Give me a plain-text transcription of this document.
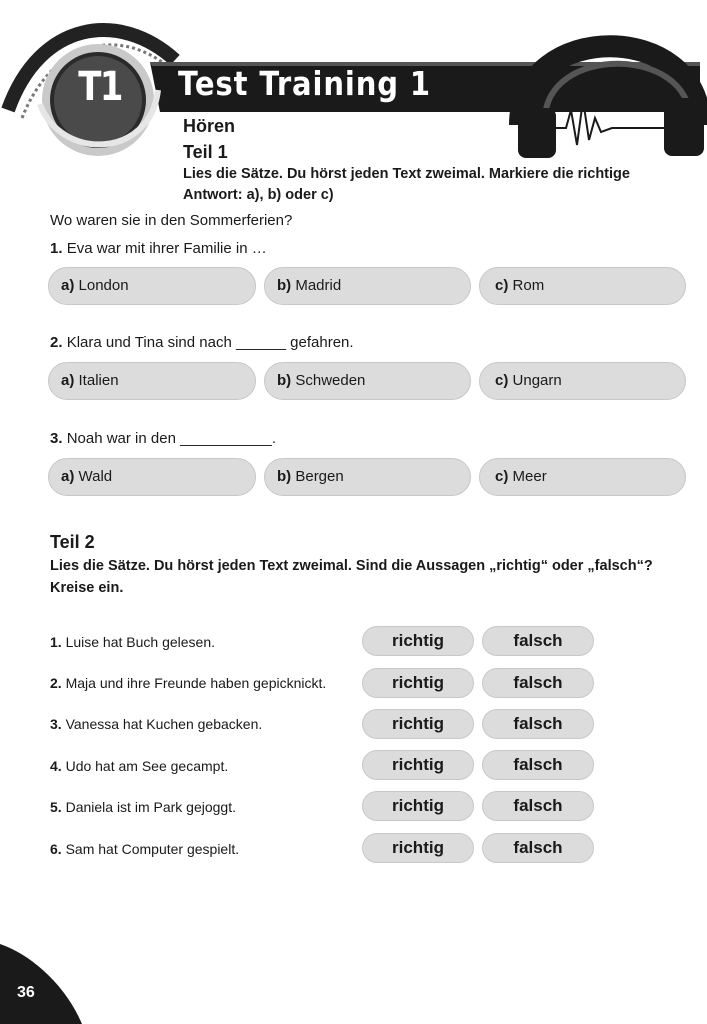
T1	Test Training 1
Hören
Teil 1
Lies die Sätze. Du hörst jeden Text zweimal. Markiere die richtige Antwort: a), b) oder c)
Wo waren sie in den Sommerferien?
1. Eva war mit ihrer Familie in …
a) London	b) Madrid	c) Rom
2. Klara und Tina sind nach ______ gefahren.
a) Italien	b) Schweden	c) Ungarn
3. Noah war in den ___________.
a) Wald	b) Bergen	c) Meer
Teil 2
Lies die Sätze. Du hörst jeden Text zweimal. Sind die Aussagen „richtig“ oder „falsch“? Kreise ein.
1. Luise hat Buch gelesen.	richtig	falsch
2. Maja und ihre Freunde haben gepicknickt.	richtig	falsch
3. Vanessa hat Kuchen gebacken.	richtig	falsch
4. Udo hat am See gecampt.	richtig	falsch
5. Daniela ist im Park gejoggt.	richtig	falsch
6. Sam hat Computer gespielt.	richtig	falsch
36
